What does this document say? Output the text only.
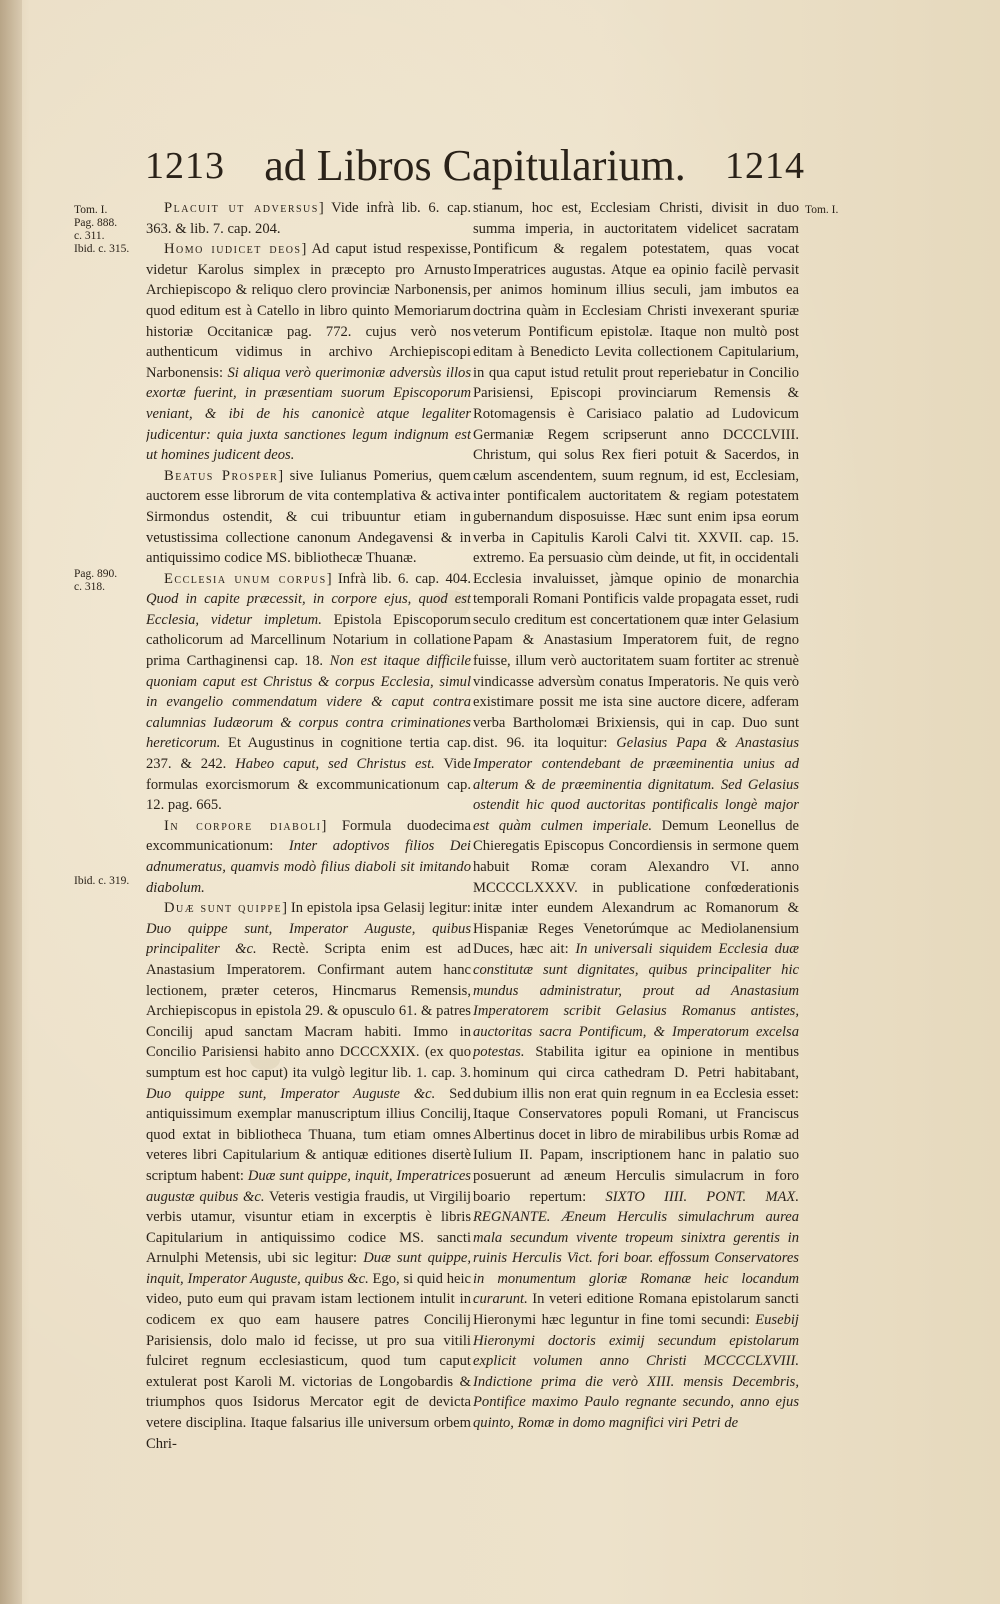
1213 ad Libros Capitularium.	1214
Tom. I.
Pag. 888.
c. 311.
Ibid. c. 315.
Pag. 890.
c. 318.
Ibid. c. 319.
Tom. I.

Placuit ut adversus] Vide infrà lib. 6. cap. 363. & lib. 7. cap. 204.

Homo iudicet deos] Ad caput istud respexisse, videtur Karolus simplex in præcepto pro Arnusto Archiepiscopo & reliquo clero provinciæ Narbonensis, quod editum est à Catello in libro quinto Memoriarum historiæ Occitanicæ pag. 772. cujus verò nos authenticum vidimus in archivo Archiepiscopi Narbonensis: Si aliqua verò querimoniæ adversùs illos exortæ fuerint, in præsentiam suorum Episcoporum veniant, & ibi de his canonicè atque legaliter judicentur: quia juxta sanctiones legum indignum est ut homines judicent deos.

Beatus Prosper] sive Iulianus Pomerius, quem auctorem esse librorum de vita contemplativa & activa Sirmondus ostendit, & cui tribuuntur etiam in vetustissima collectione canonum Andegavensi & in antiquissimo codice MS. bibliothecæ Thuanæ.

Ecclesia unum corpus] Infrà lib. 6. cap. 404. Quod in capite præcessit, in corpore ejus, quod est Ecclesia, videtur impletum. Epistola Episcoporum catholicorum ad Marcellinum Notarium in collatione prima Carthaginensi cap. 18. Non est itaque difficile quoniam caput est Christus & corpus Ecclesia, simul in evangelio commendatum videre & caput contra calumnias Iudæorum & corpus contra criminationes hereticorum. Et Augustinus in cognitione tertia cap. 237. & 242. Habeo caput, sed Christus est. Vide formulas exorcismorum & excommunicationum cap. 12. pag. 665.

In corpore diaboli] Formula duodecima excommunicationum: Inter adoptivos filios Dei adnumeratus, quamvis modò filius diaboli sit imitando diabolum.

Duæ sunt quippe] In epistola ipsa Gelasij legitur: Duo quippe sunt, Imperator Auguste, quibus principaliter &c. Rectè. Scripta enim est ad Anastasium Imperatorem. Confirmant autem hanc lectionem, præter ceteros, Hincmarus Remensis, Archiepiscopus in epistola 29. & opusculo 61. & patres Concilij apud sanctam Macram habiti. Immo in Concilio Parisiensi habito anno DCCCXXIX. (ex quo sumptum est hoc caput) ita vulgò legitur lib. 1. cap. 3. Duo quippe sunt, Imperator Auguste &c. Sed antiquissimum exemplar manuscriptum illius Concilij, quod extat in bibliotheca Thuana, tum etiam omnes veteres libri Capitularium & antiquæ editiones disertè scriptum habent: Duæ sunt quippe, inquit, Imperatrices augustæ quibus &c. Veteris vestigia fraudis, ut Virgilij verbis utamur, visuntur etiam in excerptis è libris Capitularium in antiquissimo codice MS. sancti Arnulphi Metensis, ubi sic legitur: Duæ sunt quippe, inquit, Imperator Auguste, quibus &c. Ego, si quid heic video, puto eum qui pravam istam lectionem intulit in codicem ex quo eam hausere patres Concilij Parisiensis, dolo malo id fecisse, ut pro sua vitili fulciret regnum ecclesiasticum, quod tum caput extulerat post Karoli M. victorias de Longobardis & triumphos quos Isidorus Mercator egit de devicta vetere disciplina. Itaque falsarius ille universum orbem Chri-

stianum, hoc est, Ecclesiam Christi, divisit in duo summa imperia, in auctoritatem videlicet sacratam Pontificum & regalem potestatem, quas vocat Imperatrices augustas. Atque ea opinio facilè pervasit per animos hominum illius seculi, jam imbutos ea doctrina quàm in Ecclesiam Christi invexerant spuriæ veterum Pontificum epistolæ. Itaque non multò post editam à Benedicto Levita collectionem Capitularium, in qua caput istud retulit prout reperiebatur in Concilio Parisiensi, Episcopi provinciarum Remensis & Rotomagensis è Carisiaco palatio ad Ludovicum Germaniæ Regem scripserunt anno DCCCLVIII. Christum, qui solus Rex fieri potuit & Sacerdos, in cælum ascendentem, suum regnum, id est, Ecclesiam, inter pontificalem auctoritatem & regiam potestatem gubernandum disposuisse. Hæc sunt enim ipsa eorum verba in Capitulis Karoli Calvi tit. XXVII. cap. 15. extremo. Ea persuasio cùm deinde, ut fit, in occidentali Ecclesia invaluisset, jàmque opinio de monarchia temporali Romani Pontificis valde propagata esset, rudi seculo creditum est concertationem quæ inter Gelasium Papam & Anastasium Imperatorem fuit, de regno fuisse, illum verò auctoritatem suam fortiter ac strenuè vindicasse adversùm conatus Imperatoris. Ne quis verò existimare possit me ista sine auctore dicere, adferam verba Bartholomæi Brixiensis, qui in cap. Duo sunt dist. 96. ita loquitur: Gelasius Papa & Anastasius Imperator contendebant de præeminentia unius ad alterum & de præeminentia dignitatum. Sed Gelasius ostendit hic quod auctoritas pontificalis longè major est quàm culmen imperiale. Demum Leonellus de Chieregatis Episcopus Concordiensis in sermone quem habuit Romæ coram Alexandro VI. anno MCCCCLXXXV. in publicatione confœderationis initæ inter eundem Alexandrum ac Romanorum & Hispaniæ Reges Venetorúmque ac Mediolanensium Duces, hæc ait: In universali siquidem Ecclesia duæ constitutæ sunt dignitates, quibus principaliter hic mundus administratur, prout ad Anastasium Imperatorem scribit Gelasius Romanus antistes, auctoritas sacra Pontificum, & Imperatorum excelsa potestas. Stabilita igitur ea opinione in mentibus hominum qui circa cathedram D. Petri habitabant, dubium illis non erat quin regnum in ea Ecclesia esset: Itaque Conservatores populi Romani, ut Franciscus Albertinus docet in libro de mirabilibus urbis Romæ ad Iulium II. Papam, inscriptionem hanc in palatio suo posuerunt ad æneum Herculis simulacrum in foro boario repertum: SIXTO IIII. PONT. MAX. REGNANTE. Æneum Herculis simulachrum aurea mala secundum vivente tropeum sinixtra gerentis in ruinis Herculis Vict. fori boar. effossum Conservatores in monumentum gloriæ Romanæ heic locandum curarunt. In veteri editione Romana epistolarum sancti Hieronymi hæc leguntur in fine tomi secundi: Eusebij Hieronymi doctoris eximij secundum epistolarum explicit volumen anno Christi MCCCCLXVIII. Indictione prima die verò XIII. mensis Decembris, Pontifice maximo Paulo regnante secundo, anno ejus quinto, Romæ in domo magnifici viri Petri de
